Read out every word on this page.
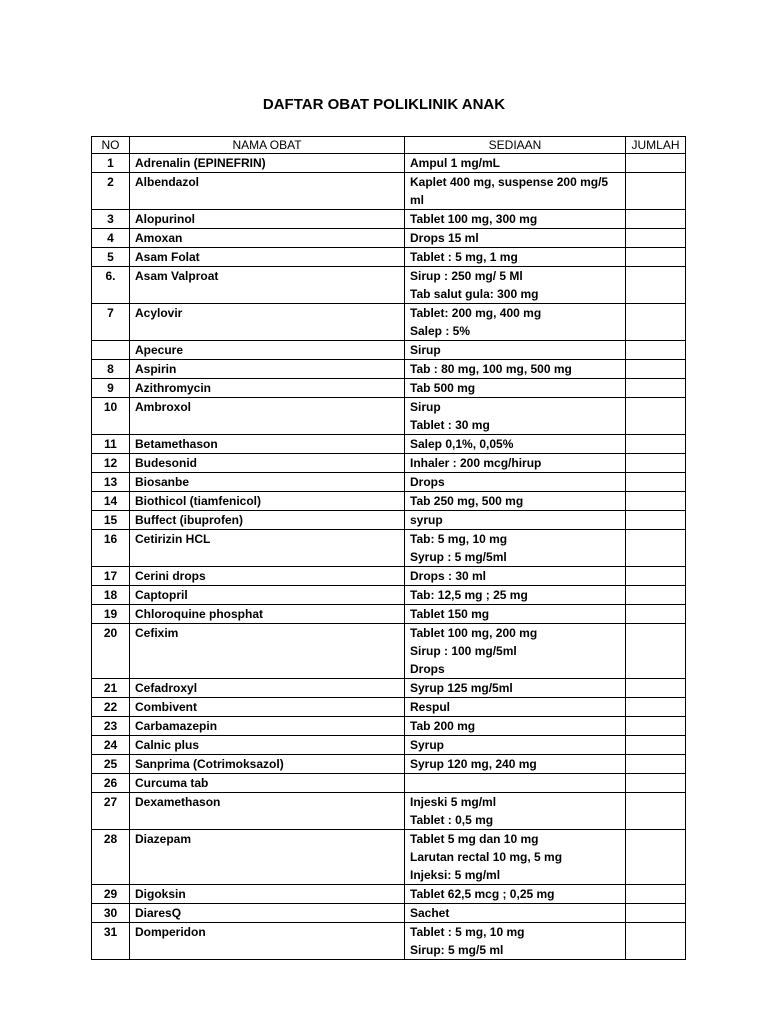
DAFTAR OBAT POLIKLINIK ANAK
NO	NAMA OBAT	SEDIAAN	JUMLAH
1	Adrenalin (EPINEFRIN)	Ampul 1 mg/mL	

2	Albendazol	Kaplet 400 mg, suspense 200 mg/5
ml	

3	Alopurinol	Tablet 100 mg, 300 mg	

4	Amoxan	Drops 15 ml	

5	Asam Folat	Tablet : 5 mg, 1 mg	

6.	Asam Valproat	Sirup : 250 mg/ 5 Ml
Tab salut gula: 300 mg	

7	Acylovir	Tablet: 200 mg, 400 mg
Salep : 5%	

	Apecure	Sirup	

8	Aspirin	Tab : 80 mg, 100 mg, 500 mg	

9	Azithromycin	Tab 500 mg	

10	Ambroxol	Sirup
Tablet : 30 mg	

11	Betamethason	Salep 0,1%, 0,05%	

12	Budesonid	Inhaler : 200 mcg/hirup	

13	Biosanbe	Drops	

14	Biothicol (tiamfenicol)	Tab 250 mg, 500 mg	

15	Buffect (ibuprofen)	syrup	

16	Cetirizin HCL	Tab: 5 mg, 10 mg
Syrup : 5 mg/5ml	

17	Cerini drops	Drops : 30 ml	

18	Captopril	Tab: 12,5 mg ; 25 mg	

19	Chloroquine phosphat	Tablet 150 mg	

20	Cefixim	Tablet 100 mg, 200 mg
Sirup : 100 mg/5ml
Drops	

21	Cefadroxyl	Syrup 125 mg/5ml	

22	Combivent	Respul	

23	Carbamazepin	Tab 200 mg	

24	Calnic plus	Syrup	

25	Sanprima (Cotrimoksazol)	Syrup 120 mg, 240 mg	

26	Curcuma tab	

27	Dexamethason	Injeski 5 mg/ml
Tablet : 0,5 mg	

28	Diazepam	Tablet 5 mg dan 10 mg
Larutan rectal 10 mg, 5 mg
Injeksi: 5 mg/ml	

29	Digoksin	Tablet 62,5 mcg ; 0,25 mg	

30	DiaresQ	Sachet	

31	Domperidon	Tablet : 5 mg, 10 mg
Sirup: 5 mg/5 ml	
